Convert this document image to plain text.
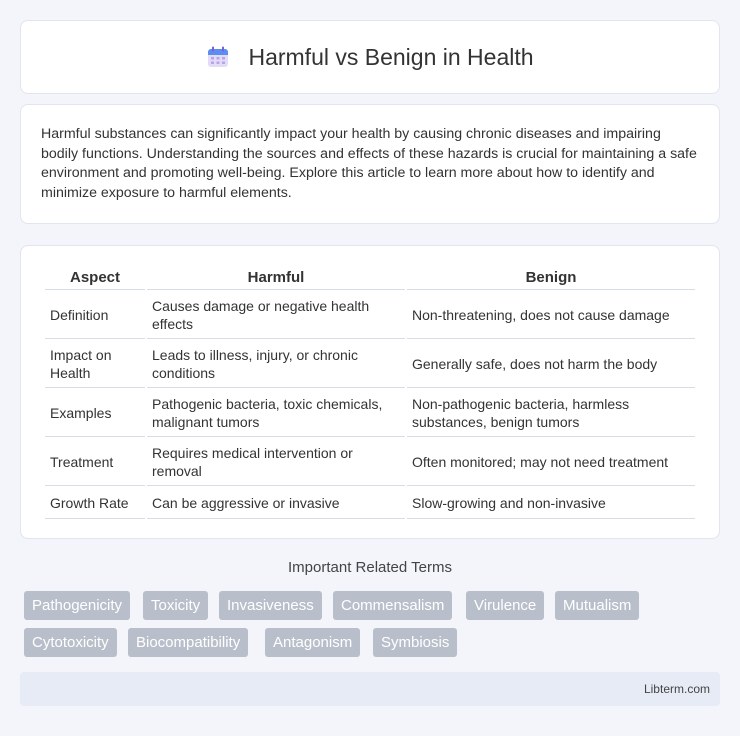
Harmful vs Benign in Health

Harmful substances can significantly impact your health by causing chronic diseases and impairing bodily functions. Understanding the sources and effects of these hazards is crucial for maintaining a safe environment and promoting well-being. Explore this article to learn more about how to identify and minimize exposure to harmful elements.

Aspect	Harmful	Benign
Definition	Causes damage or negative health effects	Non-threatening, does not cause damage
Impact on Health	Leads to illness, injury, or chronic conditions	Generally safe, does not harm the body
Examples	Pathogenic bacteria, toxic chemicals, malignant tumors	Non-pathogenic bacteria, harmless substances, benign tumors
Treatment	Requires medical intervention or removal	Often monitored; may not need treatment
Growth Rate	Can be aggressive or invasive	Slow-growing and non-invasive
Important Related Terms
Pathogenicity	Toxicity	Invasiveness	Commensalism	Virulence	Mutualism
Cytotoxicity	Biocompatibility	Antagonism	Symbiosis
Libterm.com
